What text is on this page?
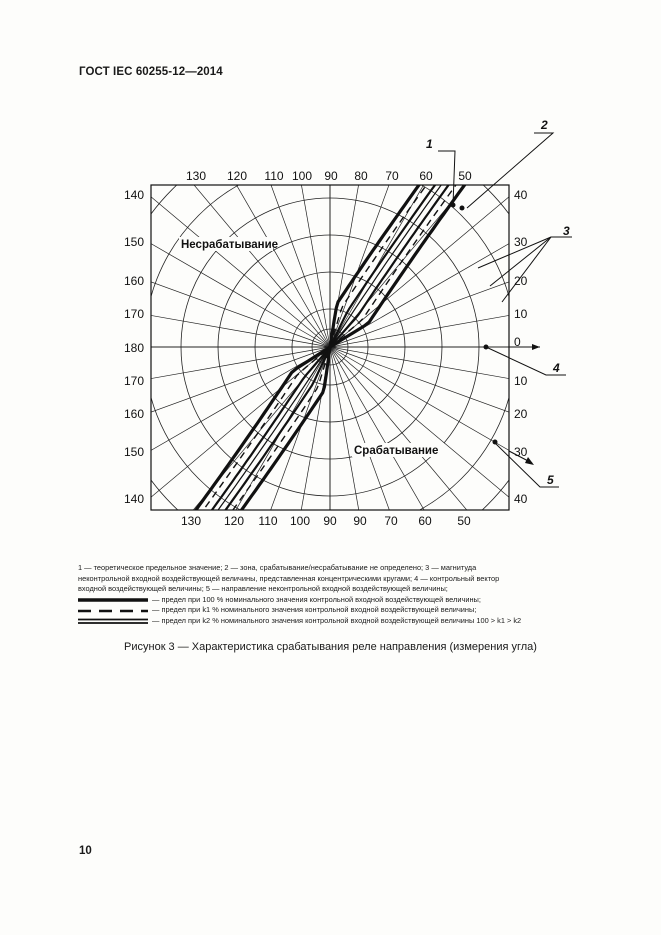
ГОСТ IEC 60255-12—2014
130 120 110 100 90 80 70 60 50
130 120 110 100 90 90 70 60 50
140
150
160
170
180
170
160
150
140
40
30
20
10
0
10
20
30
40
Несрабатывание
Срабатывание
1
2
3
4
5
1 — теоретическое предельное значение; 2 — зона, срабатывание/несрабатывание не определено; 3 — магнитуда
неконтрольной входной воздействующей величины, представленная концентрическими кругами; 4 — контрольный вектор
входной воздействующей величины; 5 — направление неконтрольной входной воздействующей величины;
— предел при 100 % номинального значения контрольной входной воздействующей величины;
— предел при k1 % номинального значения контрольной входной воздействующей величины;
— предел при k2 % номинального значения контрольной входной воздействующей величины 100 > k1 > k2
Рисунок 3 — Характеристика срабатывания реле направления (измерения угла)
10
